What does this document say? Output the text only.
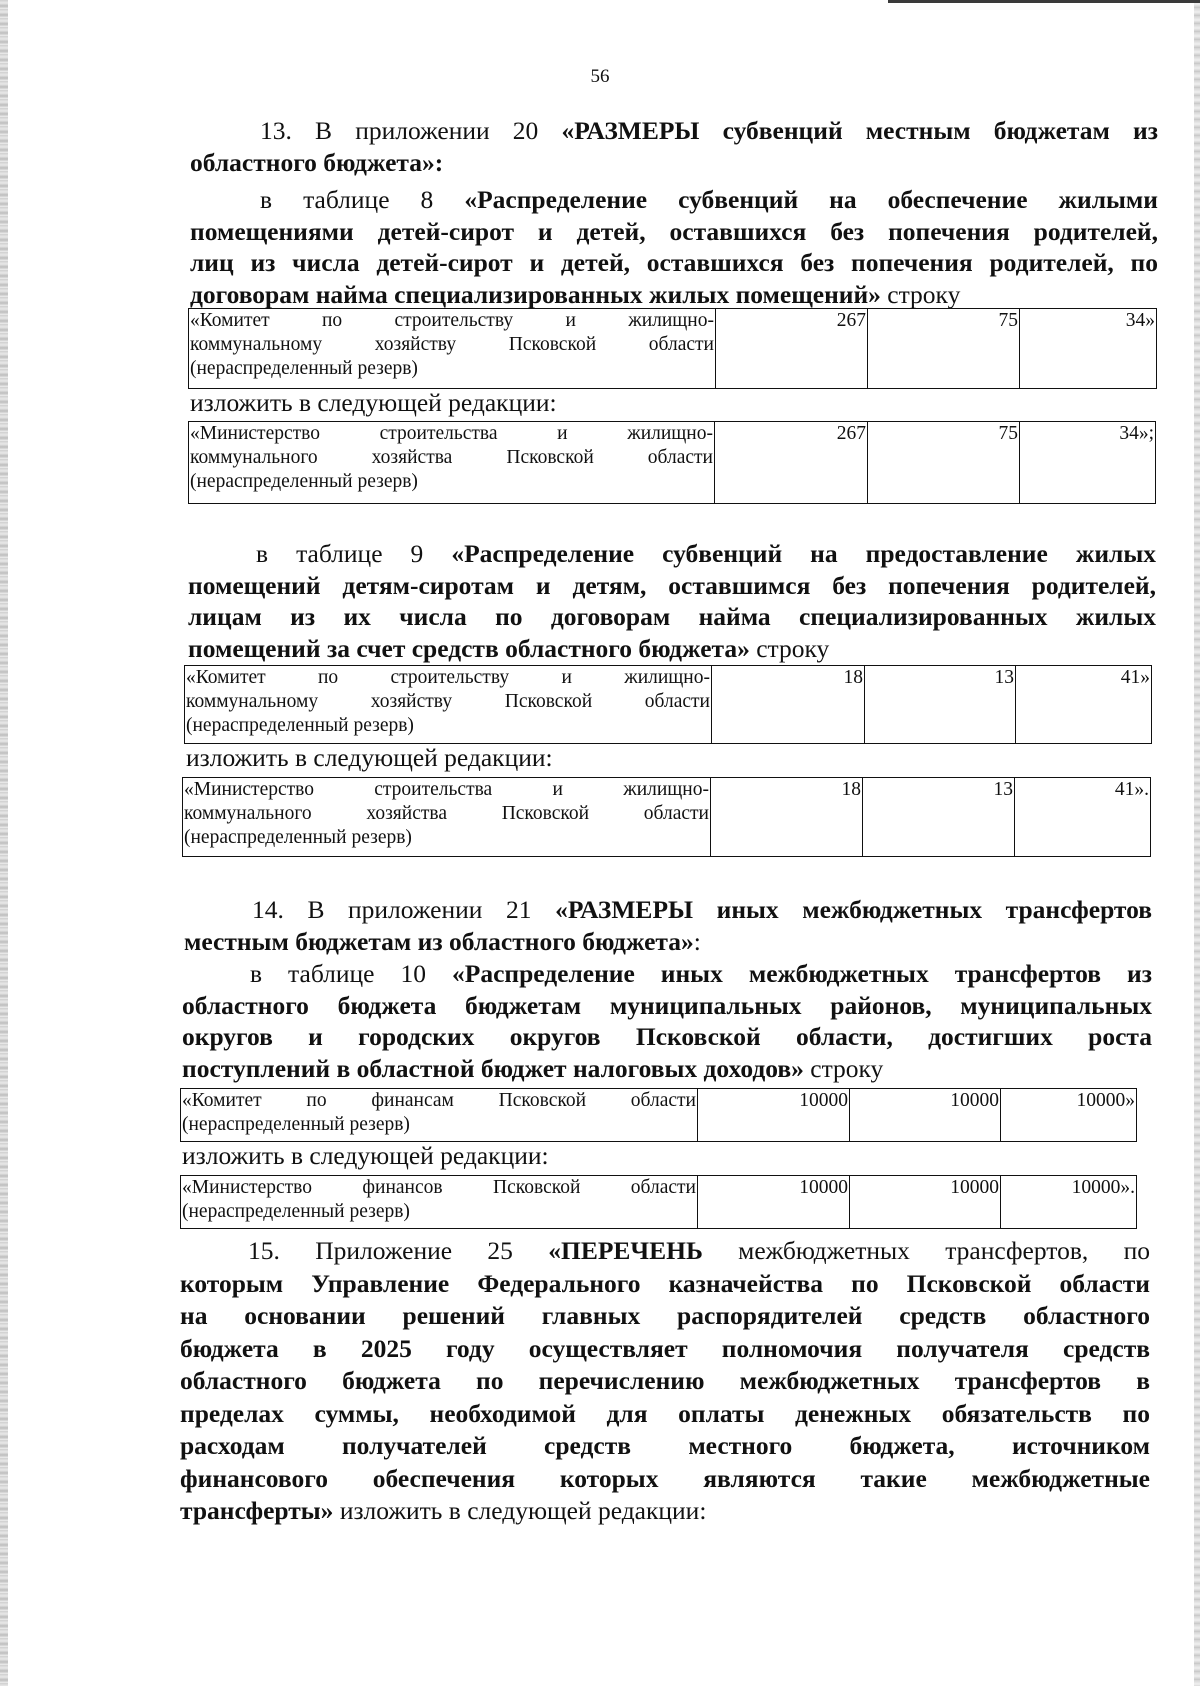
56
13. В приложении 20 «РАЗМЕРЫ субвенций местным бюджетам из
областного бюджета»:
в таблице 8 «Распределение субвенций на обеспечение жилыми
помещениями детей-сирот и детей, оставшихся без попечения родителей,
лиц из числа детей-сирот и детей, оставшихся без попечения родителей, по
договорам найма специализированных жилых помещений» строку
«Комитет по строительству и жилищно-
коммунальному хозяйству Псковской области
(нераспределенный резерв)
	267	75	34»
изложить в следующей редакции:
«Министерство строительства и жилищно-
коммунального хозяйства Псковской области
(нераспределенный резерв)
	267	75	34»;
в таблице 9 «Распределение субвенций на предоставление жилых
помещений детям-сиротам и детям, оставшимся без попечения родителей,
лицам из их числа по договорам найма специализированных жилых
помещений за счет средств областного бюджета» строку
«Комитет по строительству и жилищно-
коммунальному хозяйству Псковской области
(нераспределенный резерв)
	18	13	41»
изложить в следующей редакции:
«Министерство строительства и жилищно-
коммунального хозяйства Псковской области
(нераспределенный резерв)
	18	13	41».
14. В приложении 21 «РАЗМЕРЫ иных межбюджетных трансфертов
местным бюджетам из областного бюджета»:
в таблице 10 «Распределение иных межбюджетных трансфертов из
областного бюджета бюджетам муниципальных районов, муниципальных
округов и городских округов Псковской области, достигших роста
поступлений в областной бюджет налоговых доходов» строку
«Комитет по финансам Псковской области
(нераспределенный резерв)
	10000	10000	10000»
изложить в следующей редакции:
«Министерство финансов Псковской области
(нераспределенный резерв)
	10000	10000	10000».
15. Приложение 25 «ПЕРЕЧЕНЬ межбюджетных трансфертов, по
которым Управление Федерального казначейства по Псковской области
на основании решений главных распорядителей средств областного
бюджета в 2025 году осуществляет полномочия получателя средств
областного бюджета по перечислению межбюджетных трансфертов в
пределах суммы, необходимой для оплаты денежных обязательств по
расходам получателей средств местного бюджета, источником
финансового обеспечения которых являются такие межбюджетные
трансферты» изложить в следующей редакции:
